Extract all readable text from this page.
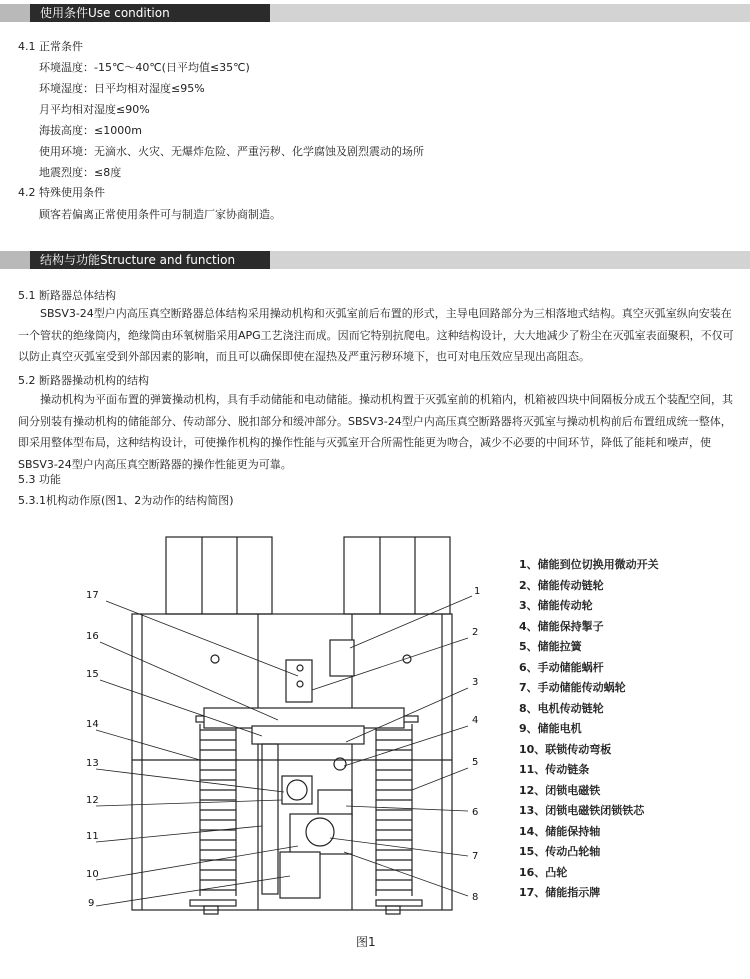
使用条件Use condition
4.1 正常条件
环境温度：-15℃～40℃(日平均值≤35℃)
环境湿度：日平均相对湿度≤95%
月平均相对湿度≤90%
海拔高度：≤1000m
使用环境：无滴水、火灾、无爆炸危险、严重污秽、化学腐蚀及剧烈震动的场所
地震烈度：≤8度
4.2 特殊使用条件
顾客若偏离正常使用条件可与制造厂家协商制造。
结构与功能Structure and function
5.1 断路器总体结构
SBSV3-24型户内高压真空断路器总体结构采用操动机构和灭弧室前后布置的形式，主导电回路部分为三相落地式结构。真空灭弧室纵向安装在一个管状的绝缘筒内，绝缘筒由环氧树脂采用APG工艺浇注而成。因而它特别抗爬电。这种结构设计，大大地减少了粉尘在灭弧室表面聚积，不仅可以防止真空灭弧室受到外部因素的影响，而且可以确保即使在湿热及严重污秽环境下，也可对电压效应呈现出高阻态。
5.2 断路器操动机构的结构
操动机构为平面布置的弹簧操动机构，具有手动储能和电动储能。操动机构置于灭弧室前的机箱内，机箱被四块中间隔板分成五个装配空间，其间分别装有操动机构的储能部分、传动部分、脱扣部分和缓冲部分。SBSV3-24型户内高压真空断路器将灭弧室与操动机构前后布置纽成统一整体，即采用整体型布局，这种结构设计，可使操作机构的操作性能与灭弧室开合所需性能更为吻合，减少不必要的中间环节，降低了能耗和噪声，使SBSV3-24型户内高压真空断路器的操作性能更为可靠。
5.3 功能
5.3.1机构动作原(图1、2为动作的结构简图)
17
16
15
14
13
12
11
10
9
1
2
3
4
5
6
7
8
1、储能到位切换用微动开关
2、储能传动链轮
3、储能传动轮
4、储能保持掣子
5、储能拉簧
6、手动储能蜗杆
7、手动储能传动蜗轮
8、电机传动链轮
9、储能电机
10、联锁传动弯板
11、传动链条
12、闭锁电磁铁
13、闭锁电磁铁闭锁铁芯
14、储能保持轴
15、传动凸轮轴
16、凸轮
17、储能指示牌
图1
